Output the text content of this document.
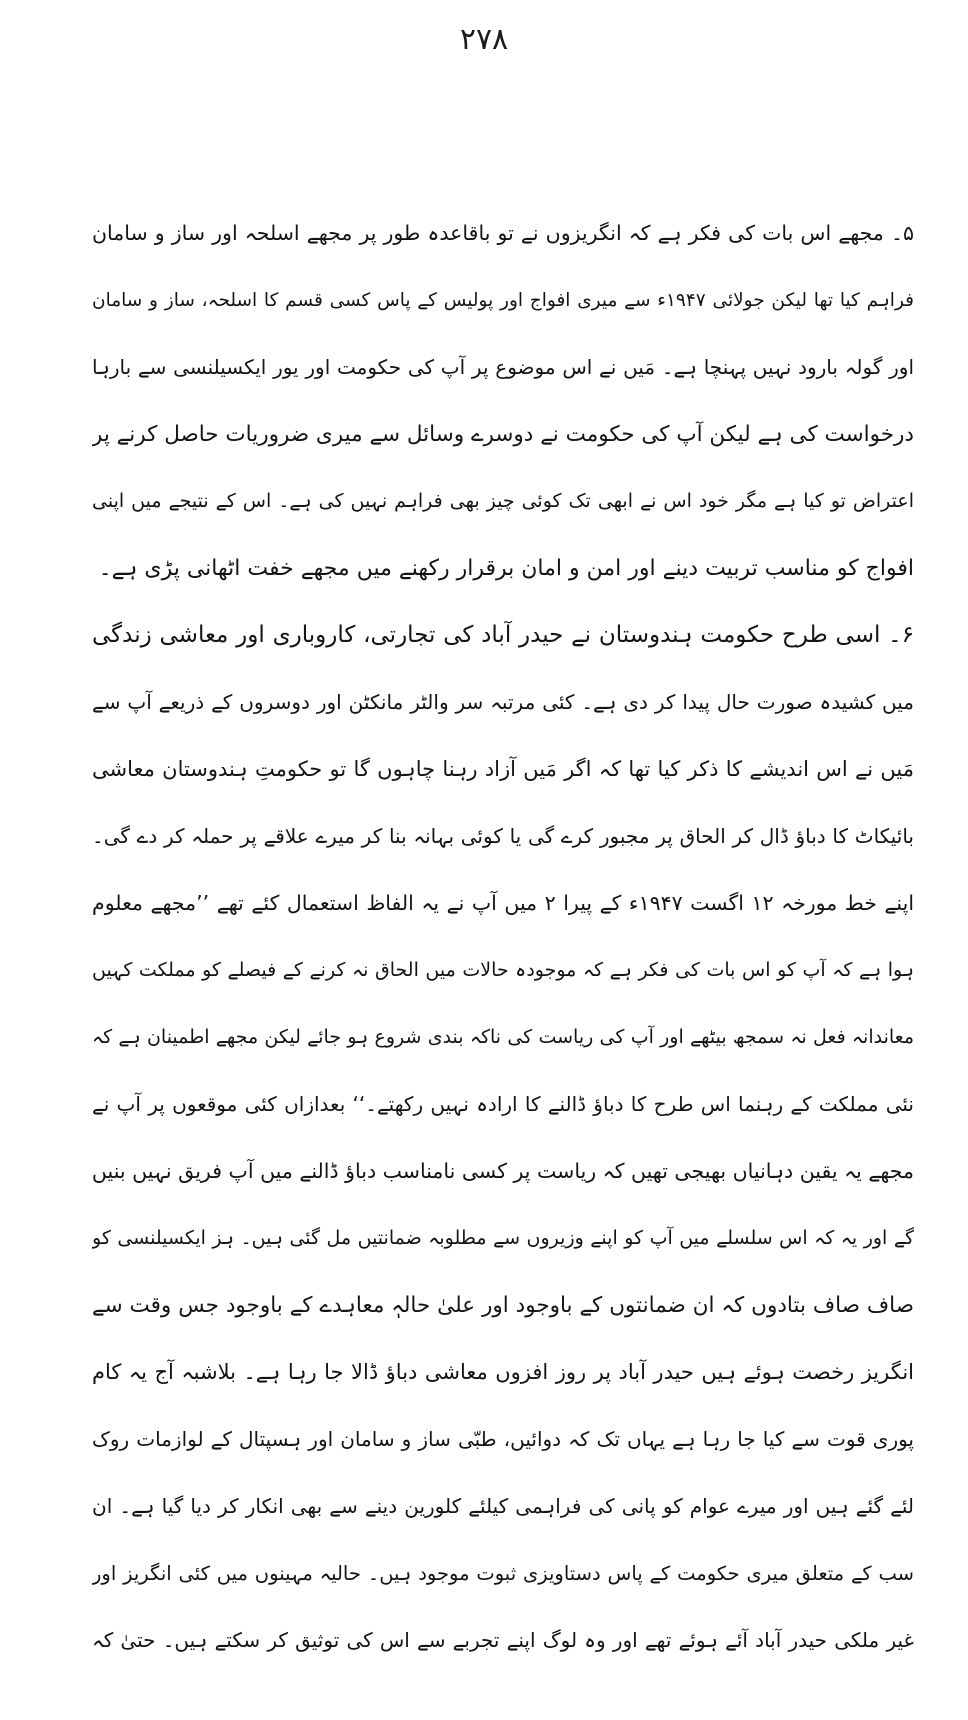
۲۷۸
۵۔ مجھے اس بات کی فکر ہے کہ انگریزوں نے تو باقاعدہ طور پر مجھے اسلحہ اور ساز و سامان
فراہم کیا تھا لیکن جولائی ۱۹۴۷ء سے میری افواج اور پولیس کے پاس کسی قسم کا اسلحہ، ساز و سامان
اور گولہ بارود نہیں پہنچا ہے۔ مَیں نے اس موضوع پر آپ کی حکومت اور یور ایکسیلنسی سے بارہا
درخواست کی ہے لیکن آپ کی حکومت نے دوسرے وسائل سے میری ضروریات حاصل کرنے پر
اعتراض تو کیا ہے مگر خود اس نے ابھی تک کوئی چیز بھی فراہم نہیں کی ہے۔ اس کے نتیجے میں اپنی
افواج کو مناسب تربیت دینے اور امن و امان برقرار رکھنے میں مجھے خفت اٹھانی پڑی ہے۔
۶۔ اسی طرح حکومت ہندوستان نے حیدر آباد کی تجارتی، کاروباری اور معاشی زندگی
میں کشیدہ صورت حال پیدا کر دی ہے۔ کئی مرتبہ سر والٹر مانکٹن اور دوسروں کے ذریعے آپ سے
مَیں نے اس اندیشے کا ذکر کیا تھا کہ اگر مَیں آزاد رہنا چاہوں گا تو حکومتِ ہندوستان معاشی
بائیکاٹ کا دباؤ ڈال کر الحاق پر مجبور کرے گی یا کوئی بہانہ بنا کر میرے علاقے پر حملہ کر دے گی۔
اپنے خط مورخہ ۱۲ اگست ۱۹۴۷ء کے پیرا ۲ میں آپ نے یہ الفاظ استعمال کئے تھے ’’مجھے معلوم
ہوا ہے کہ آپ کو اس بات کی فکر ہے کہ موجودہ حالات میں الحاق نہ کرنے کے فیصلے کو مملکت کہیں
معاندانہ فعل نہ سمجھ بیٹھے اور آپ کی ریاست کی ناکہ بندی شروع ہو جائے لیکن مجھے اطمینان ہے کہ
نئی مملکت کے رہنما اس طرح کا دباؤ ڈالنے کا ارادہ نہیں رکھتے۔‘‘ بعدازاں کئی موقعوں پر آپ نے
مجھے یہ یقین دہانیاں بھیجی تھیں کہ ریاست پر کسی نامناسب دباؤ ڈالنے میں آپ فریق نہیں بنیں
گے اور یہ کہ اس سلسلے میں آپ کو اپنے وزیروں سے مطلوبہ ضمانتیں مل گئی ہیں۔ ہز ایکسیلنسی کو
صاف صاف بتادوں کہ ان ضمانتوں کے باوجود اور علیٰ حالہٖ معاہدے کے باوجود جس وقت سے
انگریز رخصت ہوئے ہیں حیدر آباد پر روز افزوں معاشی دباؤ ڈالا جا رہا ہے۔ بلاشبہ آج یہ کام
پوری قوت سے کیا جا رہا ہے یہاں تک کہ دوائیں، طبّی ساز و سامان اور ہسپتال کے لوازمات روک
لئے گئے ہیں اور میرے عوام کو پانی کی فراہمی کیلئے کلورین دینے سے بھی انکار کر دیا گیا ہے۔ ان
سب کے متعلق میری حکومت کے پاس دستاویزی ثبوت موجود ہیں۔ حالیہ مہینوں میں کئی انگریز اور
غیر ملکی حیدر آباد آئے ہوئے تھے اور وہ لوگ اپنے تجربے سے اس کی توثیق کر سکتے ہیں۔ حتیٰ کہ
